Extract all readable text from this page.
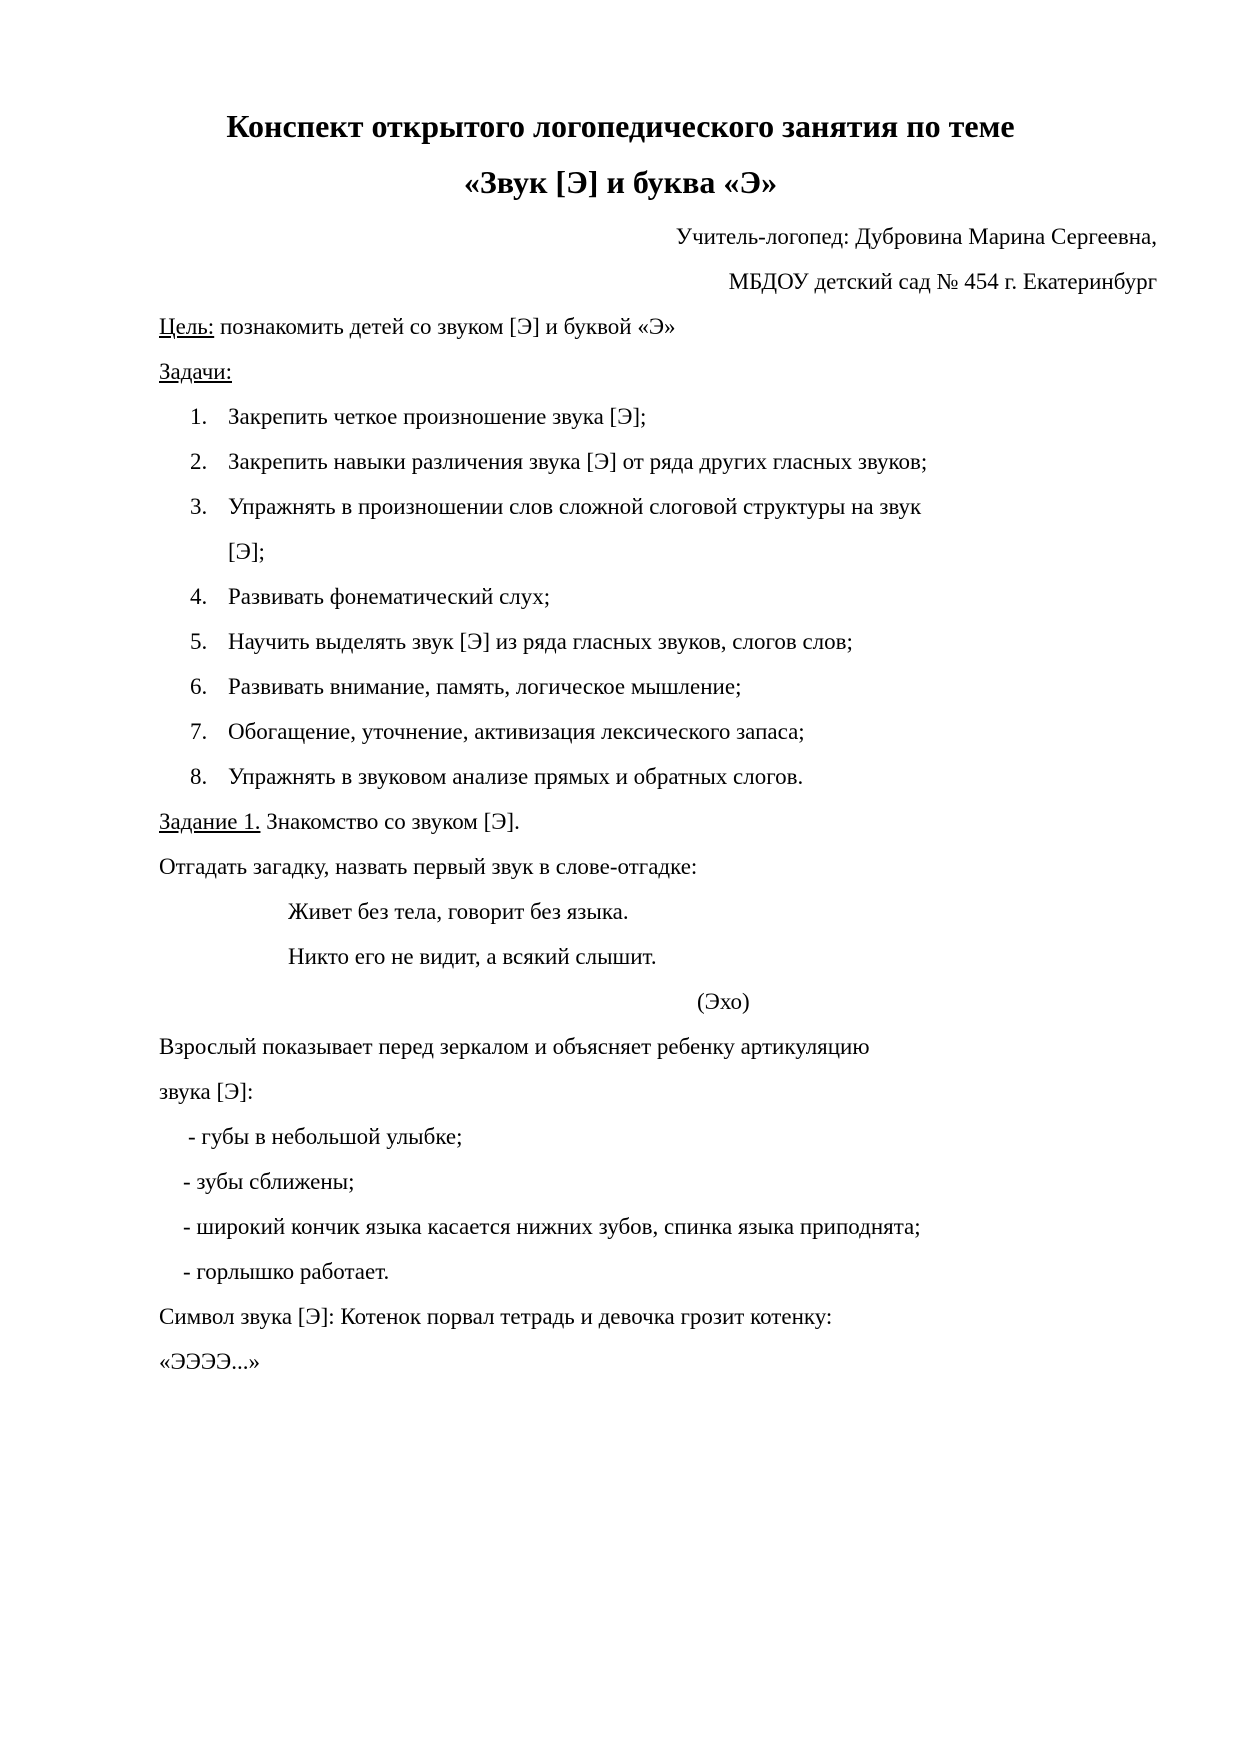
Конспект открытого логопедического занятия по теме
«Звук [Э] и буква «Э»
Учитель-логопед: Дубровина Марина Сергеевна,
МБДОУ детский сад № 454 г. Екатеринбург
Цель: познакомить детей со звуком [Э] и буквой «Э»
Задачи:
1. Закрепить четкое произношение звука [Э];
2. Закрепить навыки различения звука [Э] от ряда других гласных звуков;
3. Упражнять в произношении слов сложной слоговой структуры на звук
[Э];
4. Развивать фонематический слух;
5. Научить выделять звук [Э] из ряда гласных звуков, слогов слов;
6. Развивать внимание, память, логическое мышление;
7. Обогащение, уточнение, активизация лексического запаса;
8. Упражнять в звуковом анализе прямых и обратных слогов.
Задание 1. Знакомство со звуком [Э].
Отгадать загадку, назвать первый звук в слове-отгадке:
Живет без тела, говорит без языка.
Никто его не видит, а всякий слышит.
(Эхо)
Взрослый показывает перед зеркалом и объясняет ребенку артикуляцию
звука [Э]:
- губы в небольшой улыбке;
- зубы сближены;
- широкий кончик языка касается нижних зубов, спинка языка приподнята;
- горлышко работает.
Символ звука [Э]: Котенок порвал тетрадь и девочка грозит котенку:
«ЭЭЭЭ...»
